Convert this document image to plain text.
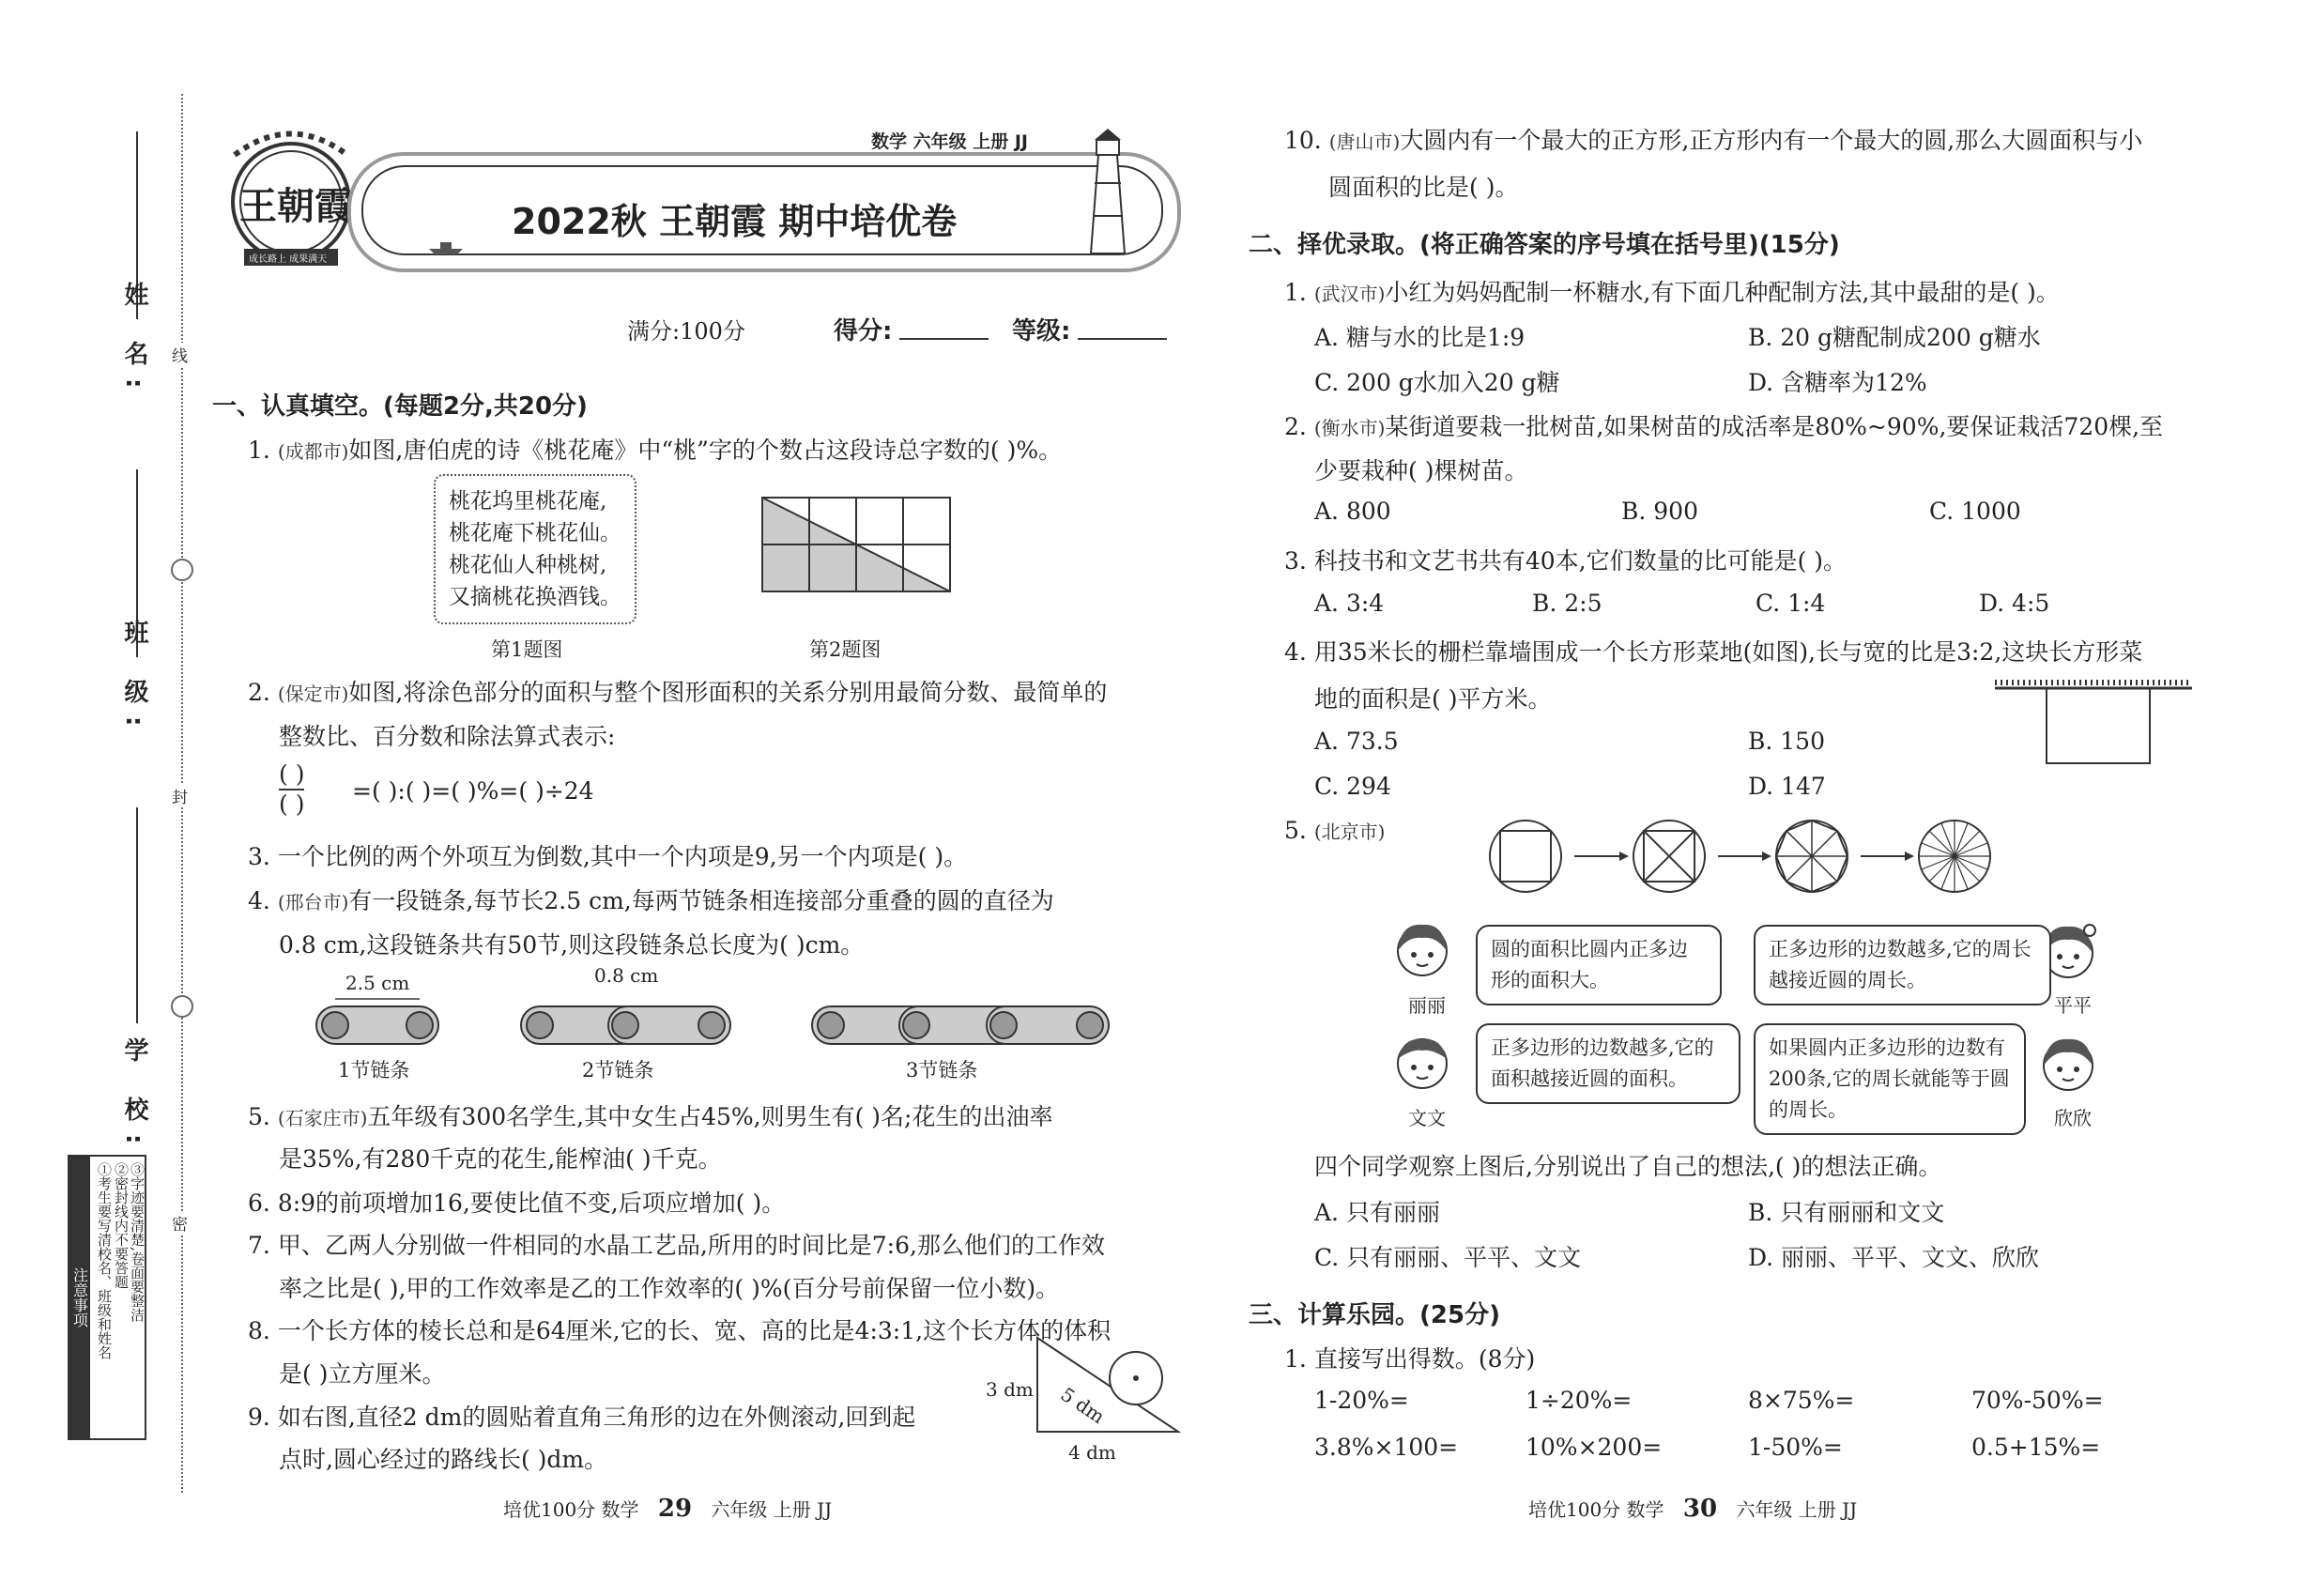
姓 名:
班 级:
学 校:
线
封
密
注意事项 ①考生要写清校名、班级和姓名 ②密封线内不要答题 ③字迹要清楚,卷面要整洁
王朝霞
成长路上 成果满天
2022秋 王朝霞 期中培优卷
数学 六年级 上册 JJ
满分:100分	得分:	等级:
一、认真填空。(每题2分,共20分)
1. (成都市)如图,唐伯虎的诗《桃花庵》中“桃”字的个数占这段诗总字数的( )%。
桃花坞里桃花庵,
桃花庵下桃花仙。
桃花仙人种桃树,
又摘桃花换酒钱。
第1题图	第2题图
2. (保定市)如图,将涂色部分的面积与整个图形面积的关系分别用最简分数、最简单的
整数比、百分数和除法算式表示:
( )
( ) =( ):( )=( )%=( )÷24
3. 一个比例的两个外项互为倒数,其中一个内项是9,另一个内项是( )。
4. (邢台市)有一段链条,每节长2.5 cm,每两节链条相连接部分重叠的圆的直径为
0.8 cm,这段链条共有50节,则这段链条总长度为( )cm。
2.5 cm	0.8 cm
1节链条	2节链条	3节链条
5. (石家庄市)五年级有300名学生,其中女生占45%,则男生有( )名;花生的出油率
是35%,有280千克的花生,能榨油( )千克。
6. 8:9的前项增加16,要使比值不变,后项应增加( )。
7. 甲、乙两人分别做一件相同的水晶工艺品,所用的时间比是7:6,那么他们的工作效
率之比是( ),甲的工作效率是乙的工作效率的( )%(百分号前保留一位小数)。
8. 一个长方体的棱长总和是64厘米,它的长、宽、高的比是4:3:1,这个长方体的体积
是( )立方厘米。
9. 如右图,直径2 dm的圆贴着直角三角形的边在外侧滚动,回到起
点时,圆心经过的路线长( )dm。
3 dm
4 dm
5 dm
培优100分 数学 29 六年级 上册 JJ
10. (唐山市)大圆内有一个最大的正方形,正方形内有一个最大的圆,那么大圆面积与小
圆面积的比是( )。
二、择优录取。(将正确答案的序号填在括号里)(15分)
1. (武汉市)小红为妈妈配制一杯糖水,有下面几种配制方法,其中最甜的是( )。
A. 糖与水的比是1:9	B. 20 g糖配制成200 g糖水
C. 200 g水加入20 g糖	D. 含糖率为12%
2. (衡水市)某街道要栽一批树苗,如果树苗的成活率是80%~90%,要保证栽活720棵,至
少要栽种( )棵树苗。
A. 800	B. 900	C. 1000
3. 科技书和文艺书共有40本,它们数量的比可能是( )。
A. 3:4	B. 2:5	C. 1:4	D. 4:5
4. 用35米长的栅栏靠墙围成一个长方形菜地(如图),长与宽的比是3:2,这块长方形菜
地的面积是( )平方米。
A. 73.5	B. 150
C. 294	D. 147
5. (北京市)
丽丽
圆的面积比圆内正多边形的面积大。
平平
正多边形的边数越多,它的周长越接近圆的周长。
文文
正多边形的边数越多,它的面积越接近圆的面积。
欣欣
如果圆内正多边形的边数有200条,它的周长就能等于圆的周长。
四个同学观察上图后,分别说出了自己的想法,( )的想法正确。
A. 只有丽丽	B. 只有丽丽和文文
C. 只有丽丽、平平、文文	D. 丽丽、平平、文文、欣欣
三、计算乐园。(25分)
1. 直接写出得数。(8分)
1-20%=	1÷20%=	8×75%=	70%-50%=
3.8%×100=	10%×200=	1-50%=	0.5+15%=
培优100分 数学 30 六年级 上册 JJ
